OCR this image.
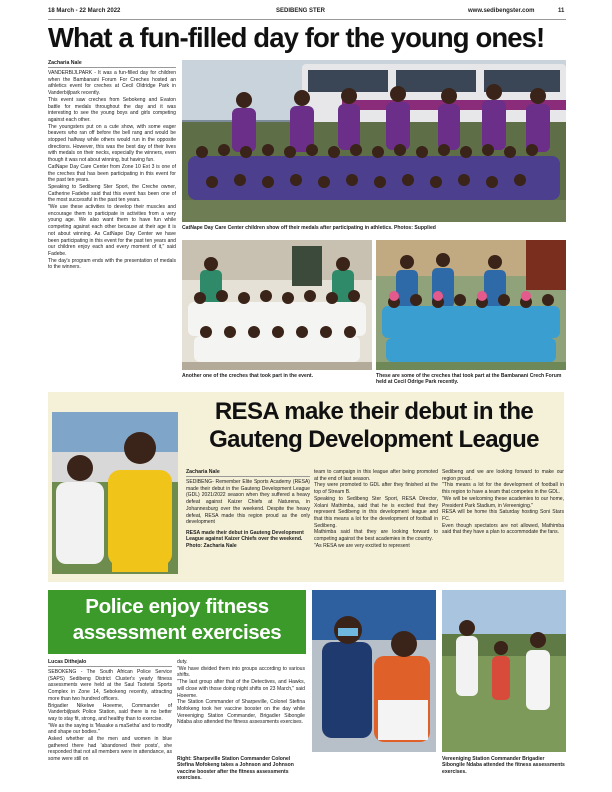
18 March - 22 March 2022	SEDIBENG STER	www.sedibengster.com	11
What a fun-filled day for the young ones!
Zacharia Nale

VANDERBIJLPARK - It was a fun-filled day for children when the Bambanani Forum For Creches hosted an athletics event for creches at Cecil Oldridge Park in Vanderbijlpark recently.

This event saw creches from Sebokeng and Evaton battle for medals throughout the day and it was interesting to see the young boys and girls competing against each other.

The youngsters put on a cute show, with some eager beavers who ran off before the bell rang and would be stopped halfway while others would run in the opposite directions. However, this was the best day of their lives with medals on their necks, especially the winners, even though it was not about winning, but having fun.

CatNape Day Care Center from Zone 10 Ext 3 is one of the creches that has been participating in this event for the past ten years.

Speaking to Sedibeng Ster Sport, the Creche owner, Catherine Fadebe said that this event has been one of the most successful in the past ten years.

"We use these activities to develop their muscles and encourage them to participate in activities from a very young age. We also want them to have fun while competing against each other because at their age it is not about winning. As CatNape Day Center we have been participating in this event for the past ten years and our children enjoy each and every moment of it," said Fadebe.

The day's program ends with the presentation of medals to the winners.

CatNape Day Care Center children show off their medals after participating in athletics. Photos: Supplied
Another one of the creches that took part in the event.	These are some of the creches that took part at the Bambanani Crech Forum held at Cecil Odrige Park recently.
RESA make their debut in the
Gauteng Development League
Zacharia Nale
SEDIBENG- Remember Elite Sports Academy (RESA) made their debut in the Gauteng Development League (GDL) 2021/2022 season when they suffered a heavy defeat against Kaizer Chiefs at Naturena, in Johannesburg over the weekend. Despite the heavy defeat, RESA made this region proud as the only development
RESA made their debut in Gauteng Development League against Kaizer Chiefs over the weekend. Photo: Zacharia Nale

team to campaign in this league after being promoted at the end of last season.

They were promoted to GDL after they finished at the top of Stream B.

Speaking to Sedibeng Ster Sport, RESA Director, Xolani Mathimba, said that he is excited that they represent Sedibeng in this development league and that this means a lot for the development of football in Sedibeng.

Mathimba said that they are looking forward to competing against the best academies in the country.

"As RESA we are very excited to represent

Sedibeng and we are looking forward to make our region proud.

"This means a lot for the development of football in this region to have a team that competes in the GDL.

"We will be welcoming these academies to our home, President Park Stadium, in Vereeniging."

RESA will be home this Saturday hosting Soni Stars FC.

Even though spectators are not allowed, Mathimba said that they have a plan to accommodate the fans.

Police enjoy fitness
assessment exercises
Lucas Dithejalo

SEBOKENG - The South African Police Service (SAPS) Sedibeng District Cluster's yearly fitness assessments were held at the Saul Tsotetsi Sports Complex in Zone 14, Sebokeng recently, attracting more than two hundred officers.

Brigadier Nikelwe Hoeeme, Commander of Vanderbijlpark Police Station, said there is no better way to stay fit, strong, and healthy than to exercise.

"We as the saying is 'Masake a maSetha' and to modify and shape our bodies."

Asked whether all the men and women in blue gathered there had 'abandoned their posts', she responded that not all members were in attendance, as some were still on

duty.

"We have divided them into groups according to various shifts.

"The last group after that of the Detectives, and Hawks, will close with those doing night shifts on 23 March," said Hoeeme.

The Station Commander of Sharpeville, Colonel Stefina Mofokeng took her vaccine booster on the day while Vereeniging Station Commander, Brigadier Sibongile Ndaba also attended the fitness assessments exercises.

Right: Sharpeville Station Commander Colonel Stefina Mofokeng takes a Johnson and Johnson vaccine booster after the fitness assessments exercises.
Vereeniging Station Commander Brigadier Sibongile Ndaba attended the fitness assessments exercises.
